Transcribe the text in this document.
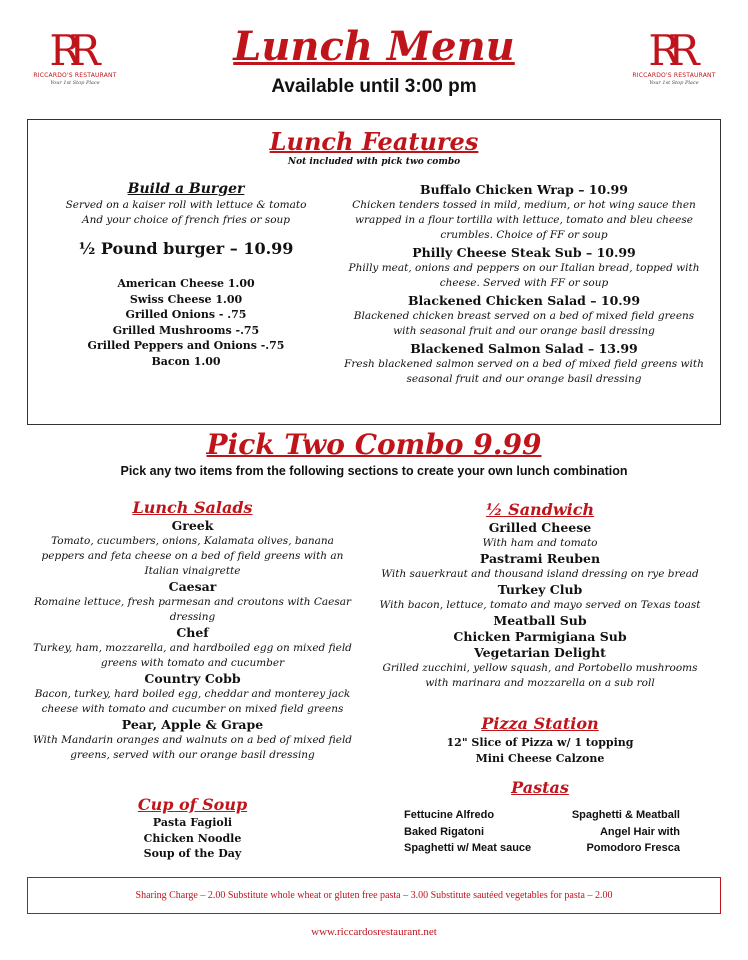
RR
RICCARDO'S RESTAURANT
Your 1st Stop Place
RR
RICCARDO'S RESTAURANT
Your 1st Stop Place
Lunch Menu
Available until 3:00 pm
Lunch Features
Not included with pick two combo
Build a Burger
Served on a kaiser roll with lettuce & tomato
And your choice of french fries or soup
½ Pound burger – 10.99
American Cheese 1.00
Swiss Cheese 1.00
Grilled Onions - .75
Grilled Mushrooms -.75
Grilled Peppers and Onions -.75
Bacon 1.00
Buffalo Chicken Wrap – 10.99
Chicken tenders tossed in mild, medium, or hot wing sauce then wrapped in a flour tortilla with lettuce, tomato and bleu cheese crumbles. Choice of FF or soup
Philly Cheese Steak Sub – 10.99
Philly meat, onions and peppers on our Italian bread, topped with cheese. Served with FF or soup
Blackened Chicken Salad – 10.99
Blackened chicken breast served on a bed of mixed field greens with seasonal fruit and our orange basil dressing
Blackened Salmon Salad – 13.99
Fresh blackened salmon served on a bed of mixed field greens with seasonal fruit and our orange basil dressing
Pick Two Combo 9.99
Pick any two items from the following sections to create your own lunch combination
Lunch Salads
Greek
Tomato, cucumbers, onions, Kalamata olives, banana peppers and feta cheese on a bed of field greens with an Italian vinaigrette
Caesar
Romaine lettuce, fresh parmesan and croutons with Caesar dressing
Chef
Turkey, ham, mozzarella, and hardboiled egg on mixed field greens with tomato and cucumber
Country Cobb
Bacon, turkey, hard boiled egg, cheddar and monterey jack cheese with tomato and cucumber on mixed field greens
Pear, Apple & Grape
With Mandarin oranges and walnuts on a bed of mixed field greens, served with our orange basil dressing
Cup of Soup
Pasta Fagioli
Chicken Noodle
Soup of the Day
½ Sandwich
Grilled Cheese
With ham and tomato
Pastrami Reuben
With sauerkraut and thousand island dressing on rye bread
Turkey Club
With bacon, lettuce, tomato and mayo served on Texas toast
Meatball Sub
Chicken Parmigiana Sub
Vegetarian Delight
Grilled zucchini, yellow squash, and Portobello mushrooms with marinara and mozzarella on a sub roll
Pizza Station
12" Slice of Pizza w/ 1 topping
Mini Cheese Calzone
Pastas
Fettucine Alfredo
Baked Rigatoni
Spaghetti w/ Meat sauce
Spaghetti & Meatball
Angel Hair with
Pomodoro Fresca
Sharing Charge – 2.00 Substitute whole wheat or gluten free pasta – 3.00 Substitute sautéed vegetables for pasta – 2.00
www.riccardosrestaurant.net
